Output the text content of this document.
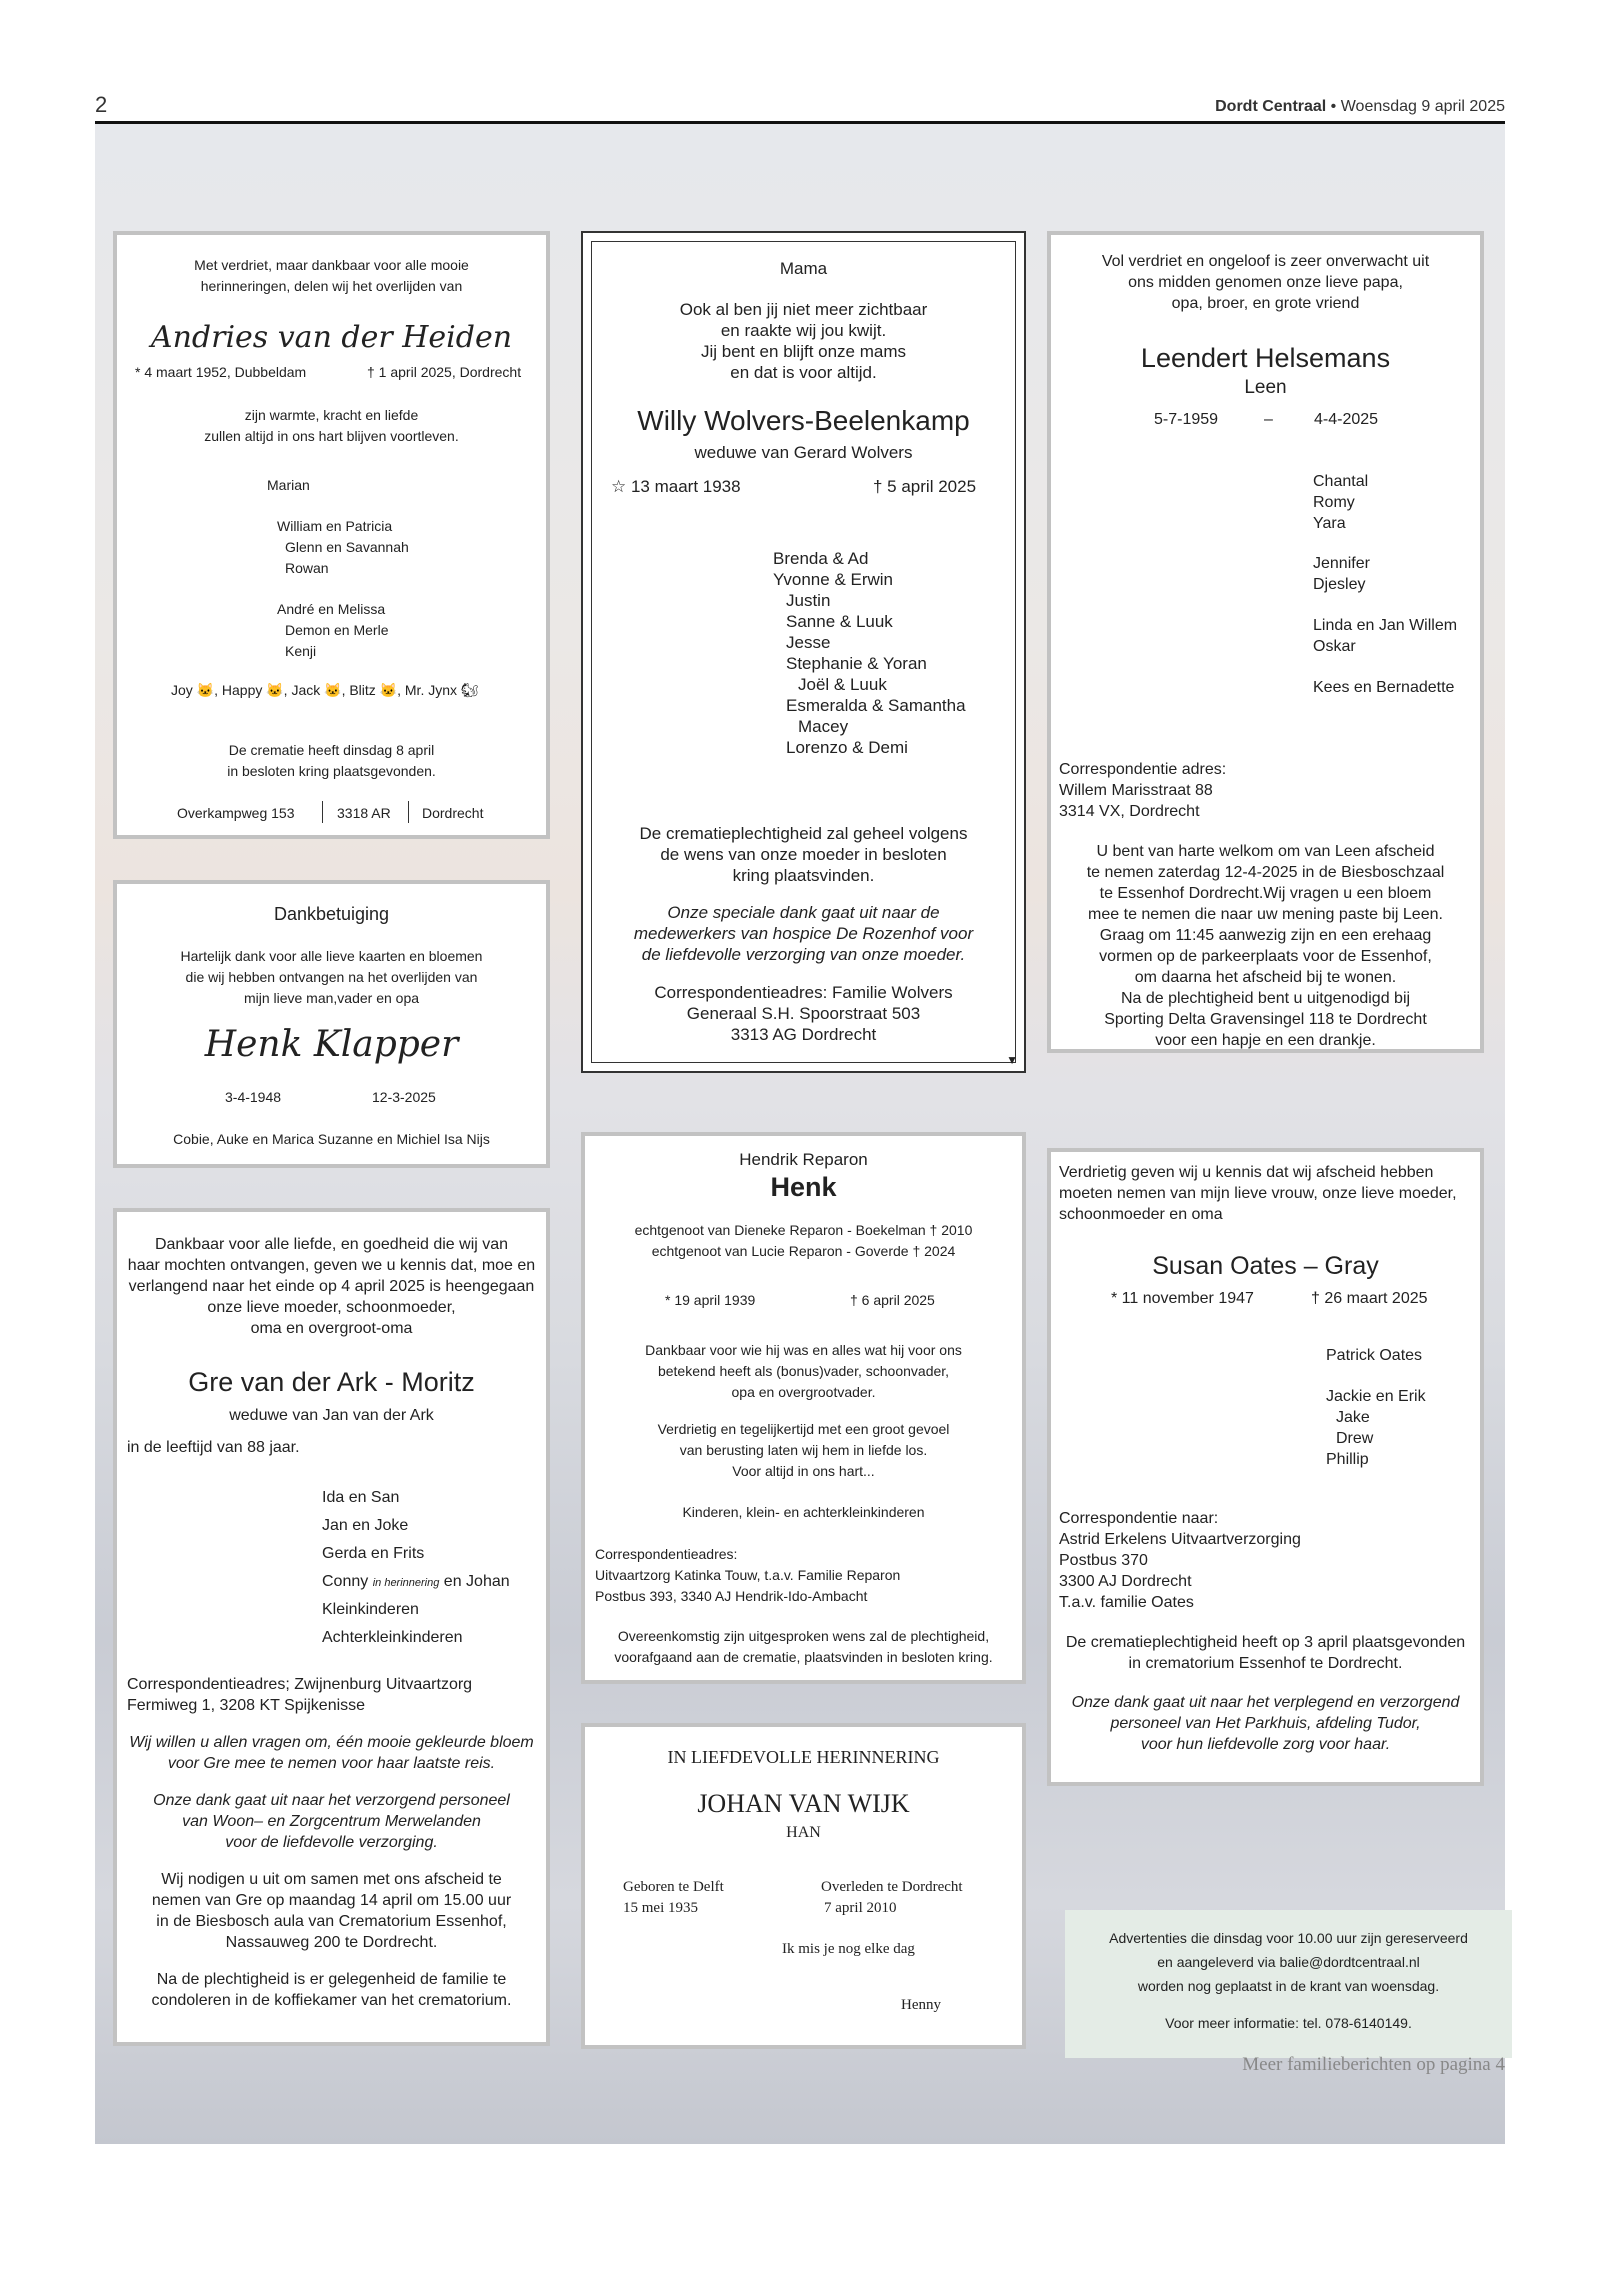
2	Dordt Centraal • Woensdag 9 april 2025
Met verdriet, maar dankbaar voor alle mooie
herinneringen, delen wij het overlijden van
Andries van der Heiden
* 4 maart 1952, Dubbeldam	† 1 april 2025, Dordrecht
zijn warmte, kracht en liefde
zullen altijd in ons hart blijven voortleven.
Marian
William en Patricia
Glenn en Savannah
Rowan
André en Melissa
Demon en Merle
Kenji
Joy 🐱, Happy 🐱, Jack 🐱, Blitz 🐱, Mr. Jynx 🐿
De crematie heeft dinsdag 8 april
in besloten kring plaatsgevonden.
Overkampweg 153	3318 AR Dordrecht
Dankbetuiging
Hartelijk dank voor alle lieve kaarten en bloemen
die wij hebben ontvangen na het overlijden van
mijn lieve man,vader en opa
Henk Klapper
3-4-1948	12-3-2025
Cobie, Auke en Marica Suzanne en Michiel Isa Nijs
Dankbaar voor alle liefde, en goedheid die wij van
haar mochten ontvangen, geven we u kennis dat, moe en
verlangend naar het einde op 4 april 2025 is heengegaan
onze lieve moeder, schoonmoeder,
oma en overgroot-oma
Gre van der Ark - Moritz
weduwe van Jan van der Ark
in de leeftijd van 88 jaar.
Ida en San
Jan en Joke
Gerda en Frits
Conny in herinnering en Johan
Kleinkinderen
Achterkleinkinderen
Correspondentieadres; Zwijnenburg Uitvaartzorg
Fermiweg 1, 3208 KT Spijkenisse
Wij willen u allen vragen om, één mooie gekleurde bloem
voor Gre mee te nemen voor haar laatste reis.
Onze dank gaat uit naar het verzorgend personeel
van Woon– en Zorgcentrum Merwelanden
voor de liefdevolle verzorging.
Wij nodigen u uit om samen met ons afscheid te
nemen van Gre op maandag 14 april om 15.00 uur
in de Biesbosch aula van Crematorium Essenhof,
Nassauweg 200 te Dordrecht.
Na de plechtigheid is er gelegenheid de familie te
condoleren in de koffiekamer van het crematorium.
▼
Mama
Ook al ben jij niet meer zichtbaar
en raakte wij jou kwijt.
Jij bent en blijft onze mams
en dat is voor altijd.
Willy Wolvers-Beelenkamp
weduwe van Gerard Wolvers
☆ 13 maart 1938	† 5 april 2025
Brenda & Ad
Yvonne & Erwin
Justin
Sanne & Luuk
Jesse
Stephanie & Yoran
Joël & Luuk
Esmeralda & Samantha
Macey
Lorenzo & Demi
De crematieplechtigheid zal geheel volgens
de wens van onze moeder in besloten
kring plaatsvinden.
Onze speciale dank gaat uit naar de
medewerkers van hospice De Rozenhof voor
de liefdevolle verzorging van onze moeder.
Correspondentieadres: Familie Wolvers
Generaal S.H. Spoorstraat 503
3313 AG Dordrecht
Hendrik Reparon
Henk
echtgenoot van Dieneke Reparon - Boekelman † 2010
echtgenoot van Lucie Reparon - Goverde † 2024
* 19 april 1939	† 6 april 2025
Dankbaar voor wie hij was en alles wat hij voor ons
betekend heeft als (bonus)vader, schoonvader,
opa en overgrootvader.
Verdrietig en tegelijkertijd met een groot gevoel
van berusting laten wij hem in liefde los.
Voor altijd in ons hart...
Kinderen, klein- en achterkleinkinderen
Correspondentieadres:
Uitvaartzorg Katinka Touw, t.a.v. Familie Reparon
Postbus 393, 3340 AJ Hendrik-Ido-Ambacht
Overeenkomstig zijn uitgesproken wens zal de plechtigheid,
voorafgaand aan de crematie, plaatsvinden in besloten kring.
IN LIEFDEVOLLE HERINNERING
JOHAN VAN WIJK
HAN
Geboren te Delft
15 mei 1935
Overleden te Dordrecht
7 april 2010
Ik mis je nog elke dag
Henny
Vol verdriet en ongeloof is zeer onverwacht uit
ons midden genomen onze lieve papa,
opa, broer, en grote vriend
Leendert Helsemans
Leen
5-7-1959	–	4-4-2025
Chantal
Romy
Yara
Jennifer
Djesley
Linda en Jan Willem
Oskar
Kees en Bernadette
Correspondentie adres:
Willem Marisstraat 88
3314 VX, Dordrecht
U bent van harte welkom om van Leen afscheid
te nemen zaterdag 12-4-2025 in de Biesboschzaal
te Essenhof Dordrecht.Wij vragen u een bloem
mee te nemen die naar uw mening paste bij Leen.
Graag om 11:45 aanwezig zijn en een erehaag
vormen op de parkeerplaats voor de Essenhof,
om daarna het afscheid bij te wonen.
Na de plechtigheid bent u uitgenodigd bij
Sporting Delta Gravensingel 118 te Dordrecht
voor een hapje en een drankje.
Verdrietig geven wij u kennis dat wij afscheid hebben
moeten nemen van mijn lieve vrouw, onze lieve moeder,
schoonmoeder en oma
Susan Oates – Gray
* 11 november 1947	† 26 maart 2025
Patrick Oates
Jackie en Erik
Jake
Drew
Phillip
Correspondentie naar:
Astrid Erkelens Uitvaartverzorging
Postbus 370
3300 AJ Dordrecht
T.a.v. familie Oates
De crematieplechtigheid heeft op 3 april plaatsgevonden
in crematorium Essenhof te Dordrecht.
Onze dank gaat uit naar het verplegend en verzorgend
personeel van Het Parkhuis, afdeling Tudor,
voor hun liefdevolle zorg voor haar.
Advertenties die dinsdag voor 10.00 uur zijn gereserveerd
en aangeleverd via balie@dordtcentraal.nl
worden nog geplaatst in de krant van woensdag.
Voor meer informatie: tel. 078-6140149.
Meer familieberichten op pagina 4
